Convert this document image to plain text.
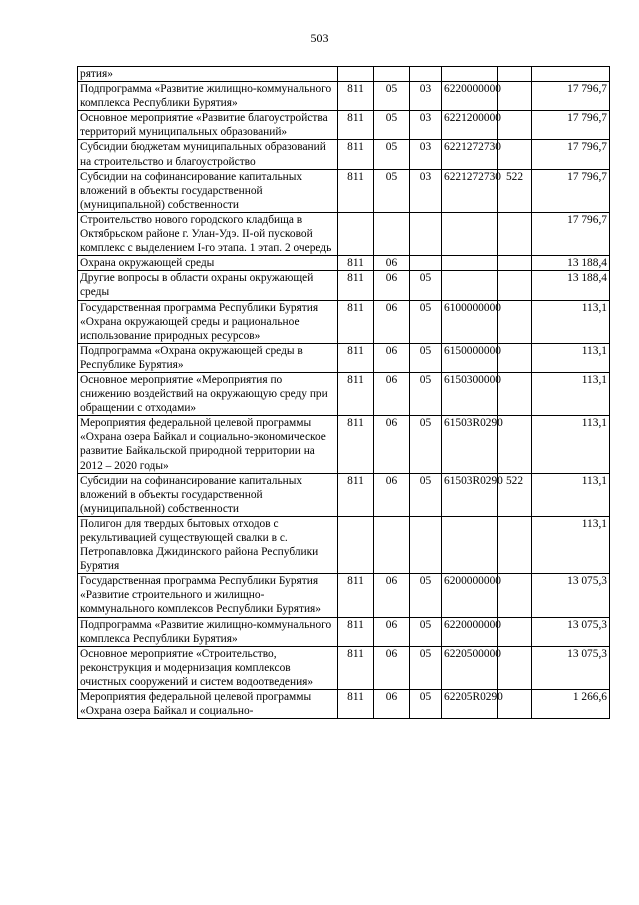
503
рятия»						
Подпрограмма «Развитие жилищно-коммунального комплекса Республики Бурятия»	811	05	03	6220000000		17 796,7
Основное мероприятие «Развитие благоустройства территорий муниципальных образований»	811	05	03	6221200000		17 796,7
Субсидии бюджетам муниципальных образований на строительство и благоустройство	811	05	03	6221272730		17 796,7
Субсидии на софинансирование капитальных вложений в объекты государственной (муниципальной) собственности	811	05	03	6221272730	522	17 796,7
Строительство нового городского кладбища в Октябрьском районе г. Улан-Удэ. II-ой пусковой комплекс с выделением I-го этапа. 1 этап. 2 очередь						17 796,7
Охрана окружающей среды	811	06				13 188,4
Другие вопросы в области охраны окружающей среды	811	06	05			13 188,4
Государственная программа Республики Бурятия «Охрана окружающей среды и рациональное использование природных ресурсов»	811	06	05	6100000000		113,1
Подпрограмма «Охрана окружающей среды в Республике Бурятия»	811	06	05	6150000000		113,1
Основное мероприятие «Мероприятия по снижению воздействий на окружающую среду при обращении с отходами»	811	06	05	6150300000		113,1
Мероприятия федеральной целевой программы «Охрана озера Байкал и социально-экономическое развитие Байкальской природной территории на 2012 – 2020 годы»	811	06	05	61503R0290		113,1
Субсидии на софинансирование капитальных вложений в объекты государственной (муниципальной) собственности	811	06	05	61503R0290	522	113,1
Полигон для твердых бытовых отходов с рекультивацией существующей свалки в с. Петропавловка Джидинского района Республики Бурятия						113,1
Государственная программа Республики Бурятия «Развитие строительного и жилищно-коммунального комплексов Республики Бурятия»	811	06	05	6200000000		13 075,3
Подпрограмма «Развитие жилищно-коммунального комплекса Республики Бурятия»	811	06	05	6220000000		13 075,3
Основное мероприятие «Строительство, реконструкция и модернизация комплексов очистных сооружений и систем водоотведения»	811	06	05	6220500000		13 075,3
Мероприятия федеральной целевой программы «Охрана озера Байкал и социально-	811	06	05	62205R0290		1 266,6
